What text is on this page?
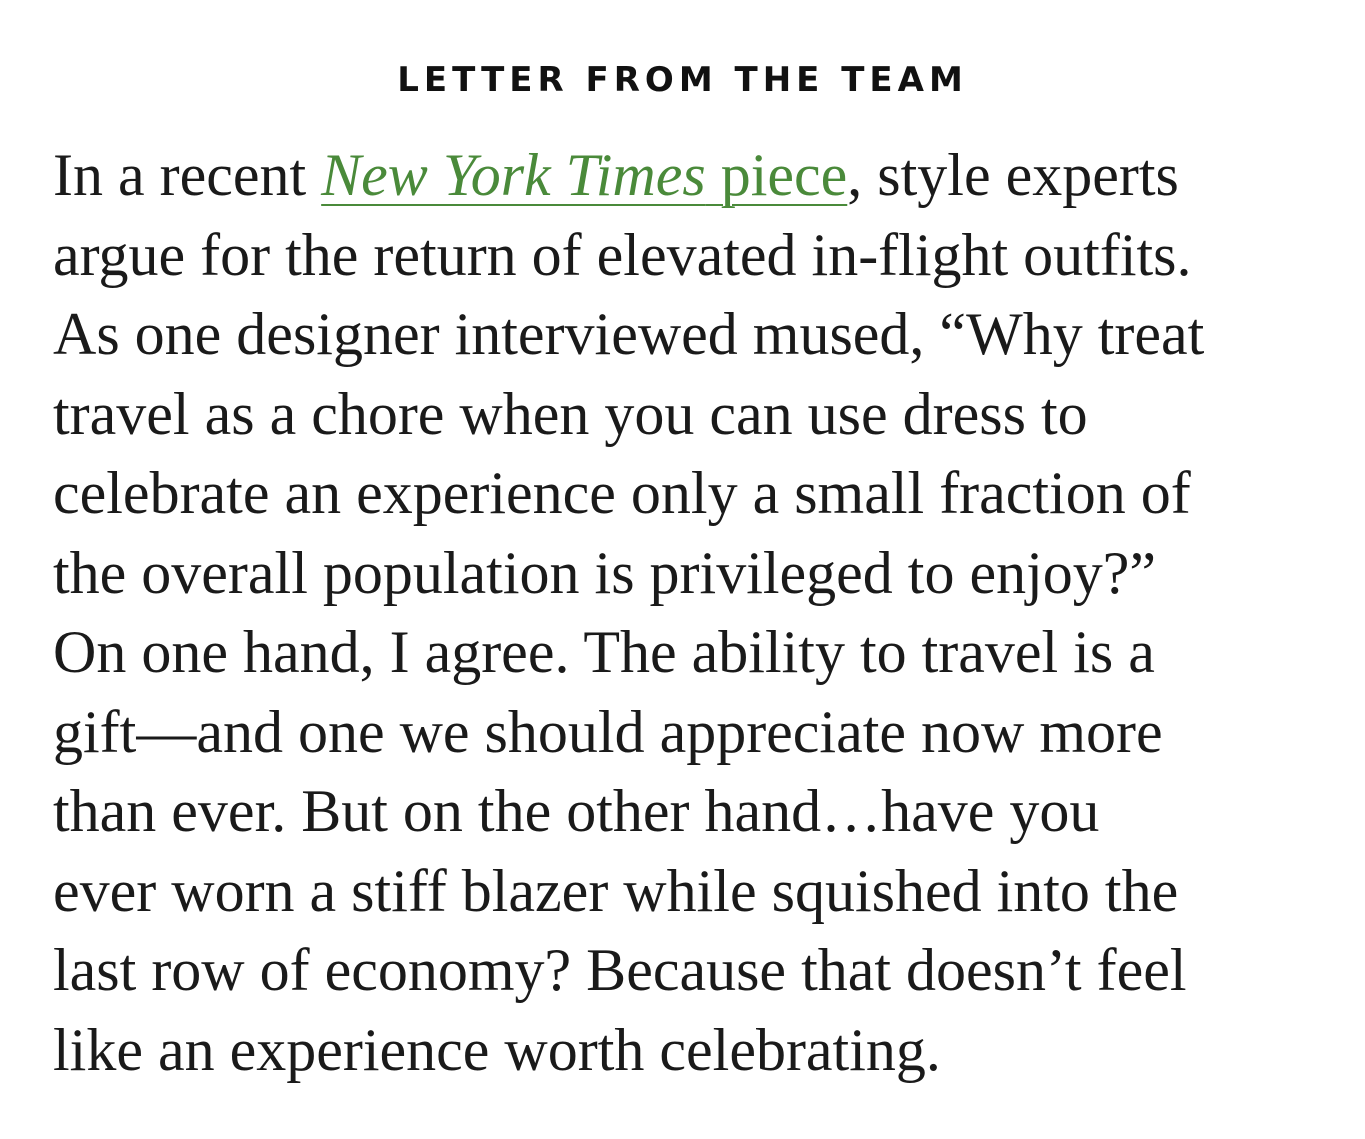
LETTER FROM THE TEAM
In a recent New York Times piece, style experts
argue for the return of elevated in-flight outfits.
As one designer interviewed mused, “Why treat
travel as a chore when you can use dress to
celebrate an experience only a small fraction of
the overall population is privileged to enjoy?”
On one hand, I agree. The ability to travel is a
gift—and one we should appreciate now more
than ever. But on the other hand…have you
ever worn a stiff blazer while squished into the
last row of economy? Because that doesn’t feel
like an experience worth celebrating.
